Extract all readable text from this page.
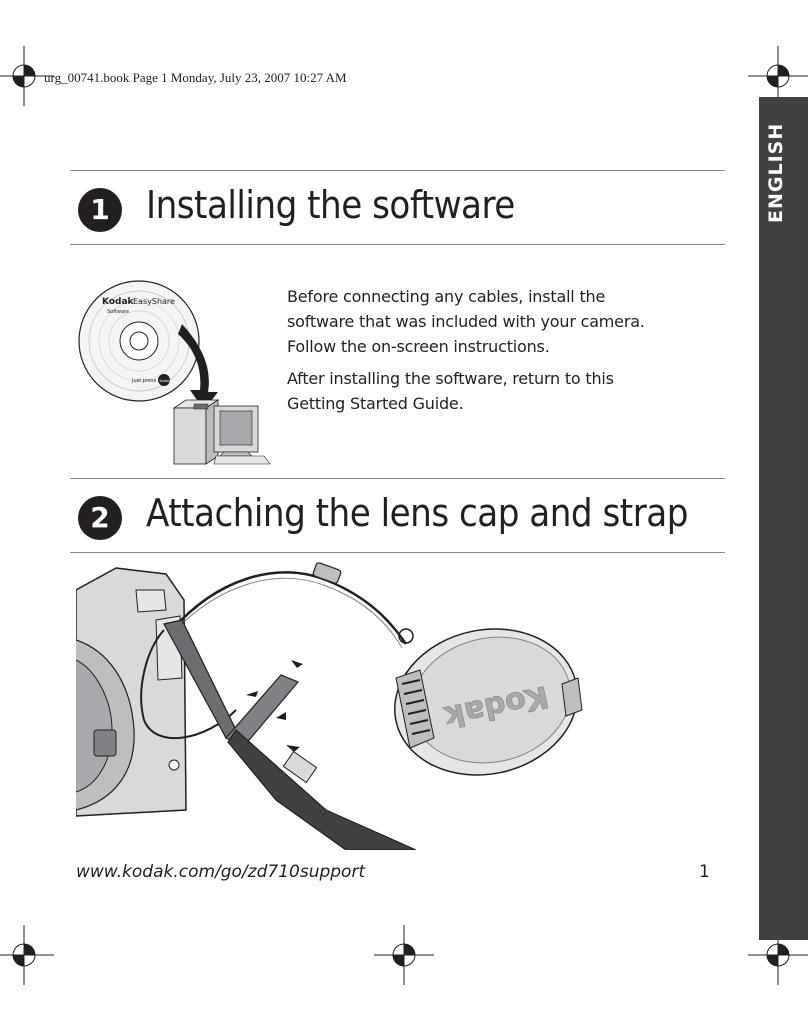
urg_00741.book Page 1 Monday, July 23, 2007 10:27 AM
1 Installing the software
Kodak EasyShare
Software
Just press Kodak

Before connecting any cables, install the software that was included with your camera. Follow the on-screen instructions.

After installing the software, return to this Getting Started Guide.

2 Attaching the lens cap and strap
Kodak
www.kodak.com/go/zd710support	1
